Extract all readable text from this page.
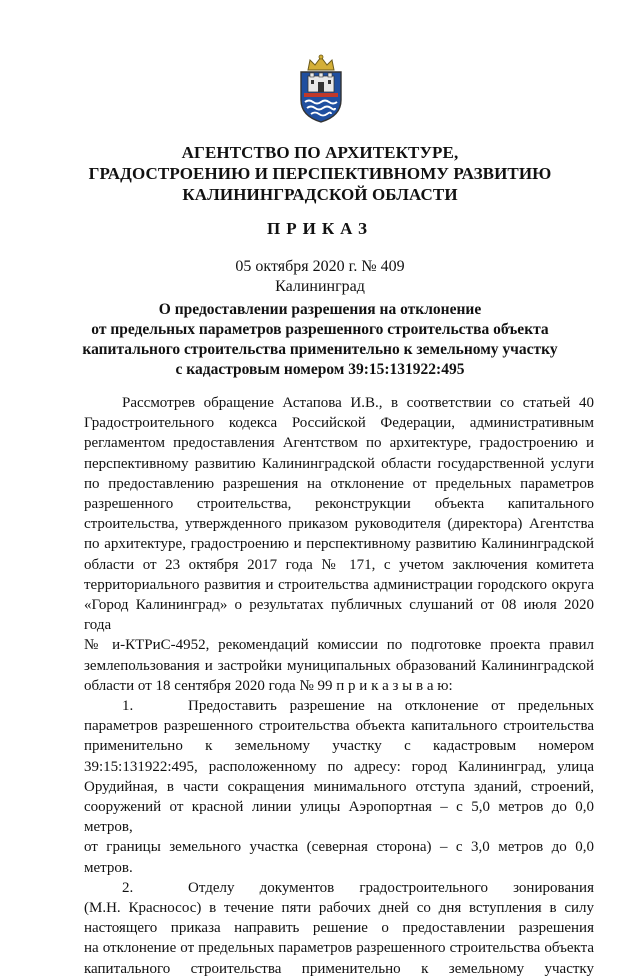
АГЕНТСТВО ПО АРХИТЕКТУРЕ,
ГРАДОСТРОЕНИЮ И ПЕРСПЕКТИВНОМУ РАЗВИТИЮ
КАЛИНИНГРАДСКОЙ ОБЛАСТИ
ПРИКАЗ
05 октября 2020 г. № 409
Калининград
О предоставлении разрешения на отклонение
от предельных параметров разрешенного строительства объекта
капитального строительства применительно к земельному участку
с кадастровым номером 39:15:131922:495

Рассмотрев обращение Астапова И.В., в соответствии со статьей 40

Градостроительного кодекса Российской Федерации, административным

регламентом предоставления Агентством по архитектуре, градостроению и

перспективному развитию Калининградской области государственной услуги

по предоставлению разрешения на отклонение от предельных параметров

разрешенного строительства, реконструкции объекта капитального

строительства, утвержденного приказом руководителя (директора) Агентства

по архитектуре, градостроению и перспективному развитию Калининградской

области от 23 октября 2017 года № 171, с учетом заключения комитета

территориального развития и строительства администрации городского округа

«Город Калининград» о результатах публичных слушаний от 08 июля 2020 года

№ и-КТРиС-4952, рекомендаций комиссии по подготовке проекта правил

землепользования и застройки муниципальных образований Калининградской

области от 18 сентября 2020 года № 99 п р и к а з ы в а ю:

1.	Предоставить разрешение на отклонение от предельных

параметров разрешенного строительства объекта капитального строительства

применительно к земельному участку с кадастровым номером

39:15:131922:495, расположенному по адресу: город Калининград, улица

Орудийная, в части сокращения минимального отступа зданий, строений,

сооружений от красной линии улицы Аэропортная – с 5,0 метров до 0,0 метров,

от границы земельного участка (северная сторона) – с 3,0 метров до 0,0 метров.

2.	Отделу документов градостроительного зонирования

(М.Н. Красносос) в течение пяти рабочих дней со дня вступления в силу

настоящего приказа направить решение о предоставлении разрешения

на отклонение от предельных параметров разрешенного строительства объекта

капитального строительства применительно к земельному участку
